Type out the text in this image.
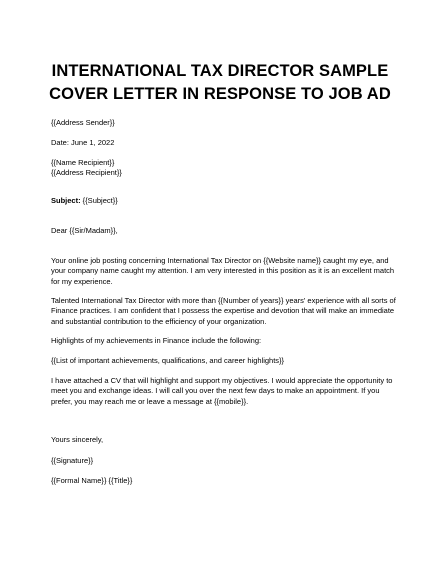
INTERNATIONAL TAX DIRECTOR SAMPLE
COVER LETTER IN RESPONSE TO JOB AD

{{Address Sender}}

Date: June 1, 2022

{{Name Recipient}}

{{Address Recipient}}

Subject: {{Subject}}

Dear {{Sir/Madam}},

Your online job posting concerning International Tax Director on {{Website name}} caught my eye, and

your company name caught my attention. I am very interested in this position as it is an excellent match

for my experience.

Talented International Tax Director with more than {{Number of years}} years' experience with all sorts of

Finance practices. I am confident that I possess the expertise and devotion that will make an immediate

and substantial contribution to the efficiency of your organization.

Highlights of my achievements in Finance include the following:

{{List of important achievements, qualifications, and career highlights}}

I have attached a CV that will highlight and support my objectives. I would appreciate the opportunity to

meet you and exchange ideas. I will call you over the next few days to make an appointment. If you

prefer, you may reach me or leave a message at {{mobile}}.

Yours sincerely,

{{Signature}}

{{Formal Name}} {{Title}}
